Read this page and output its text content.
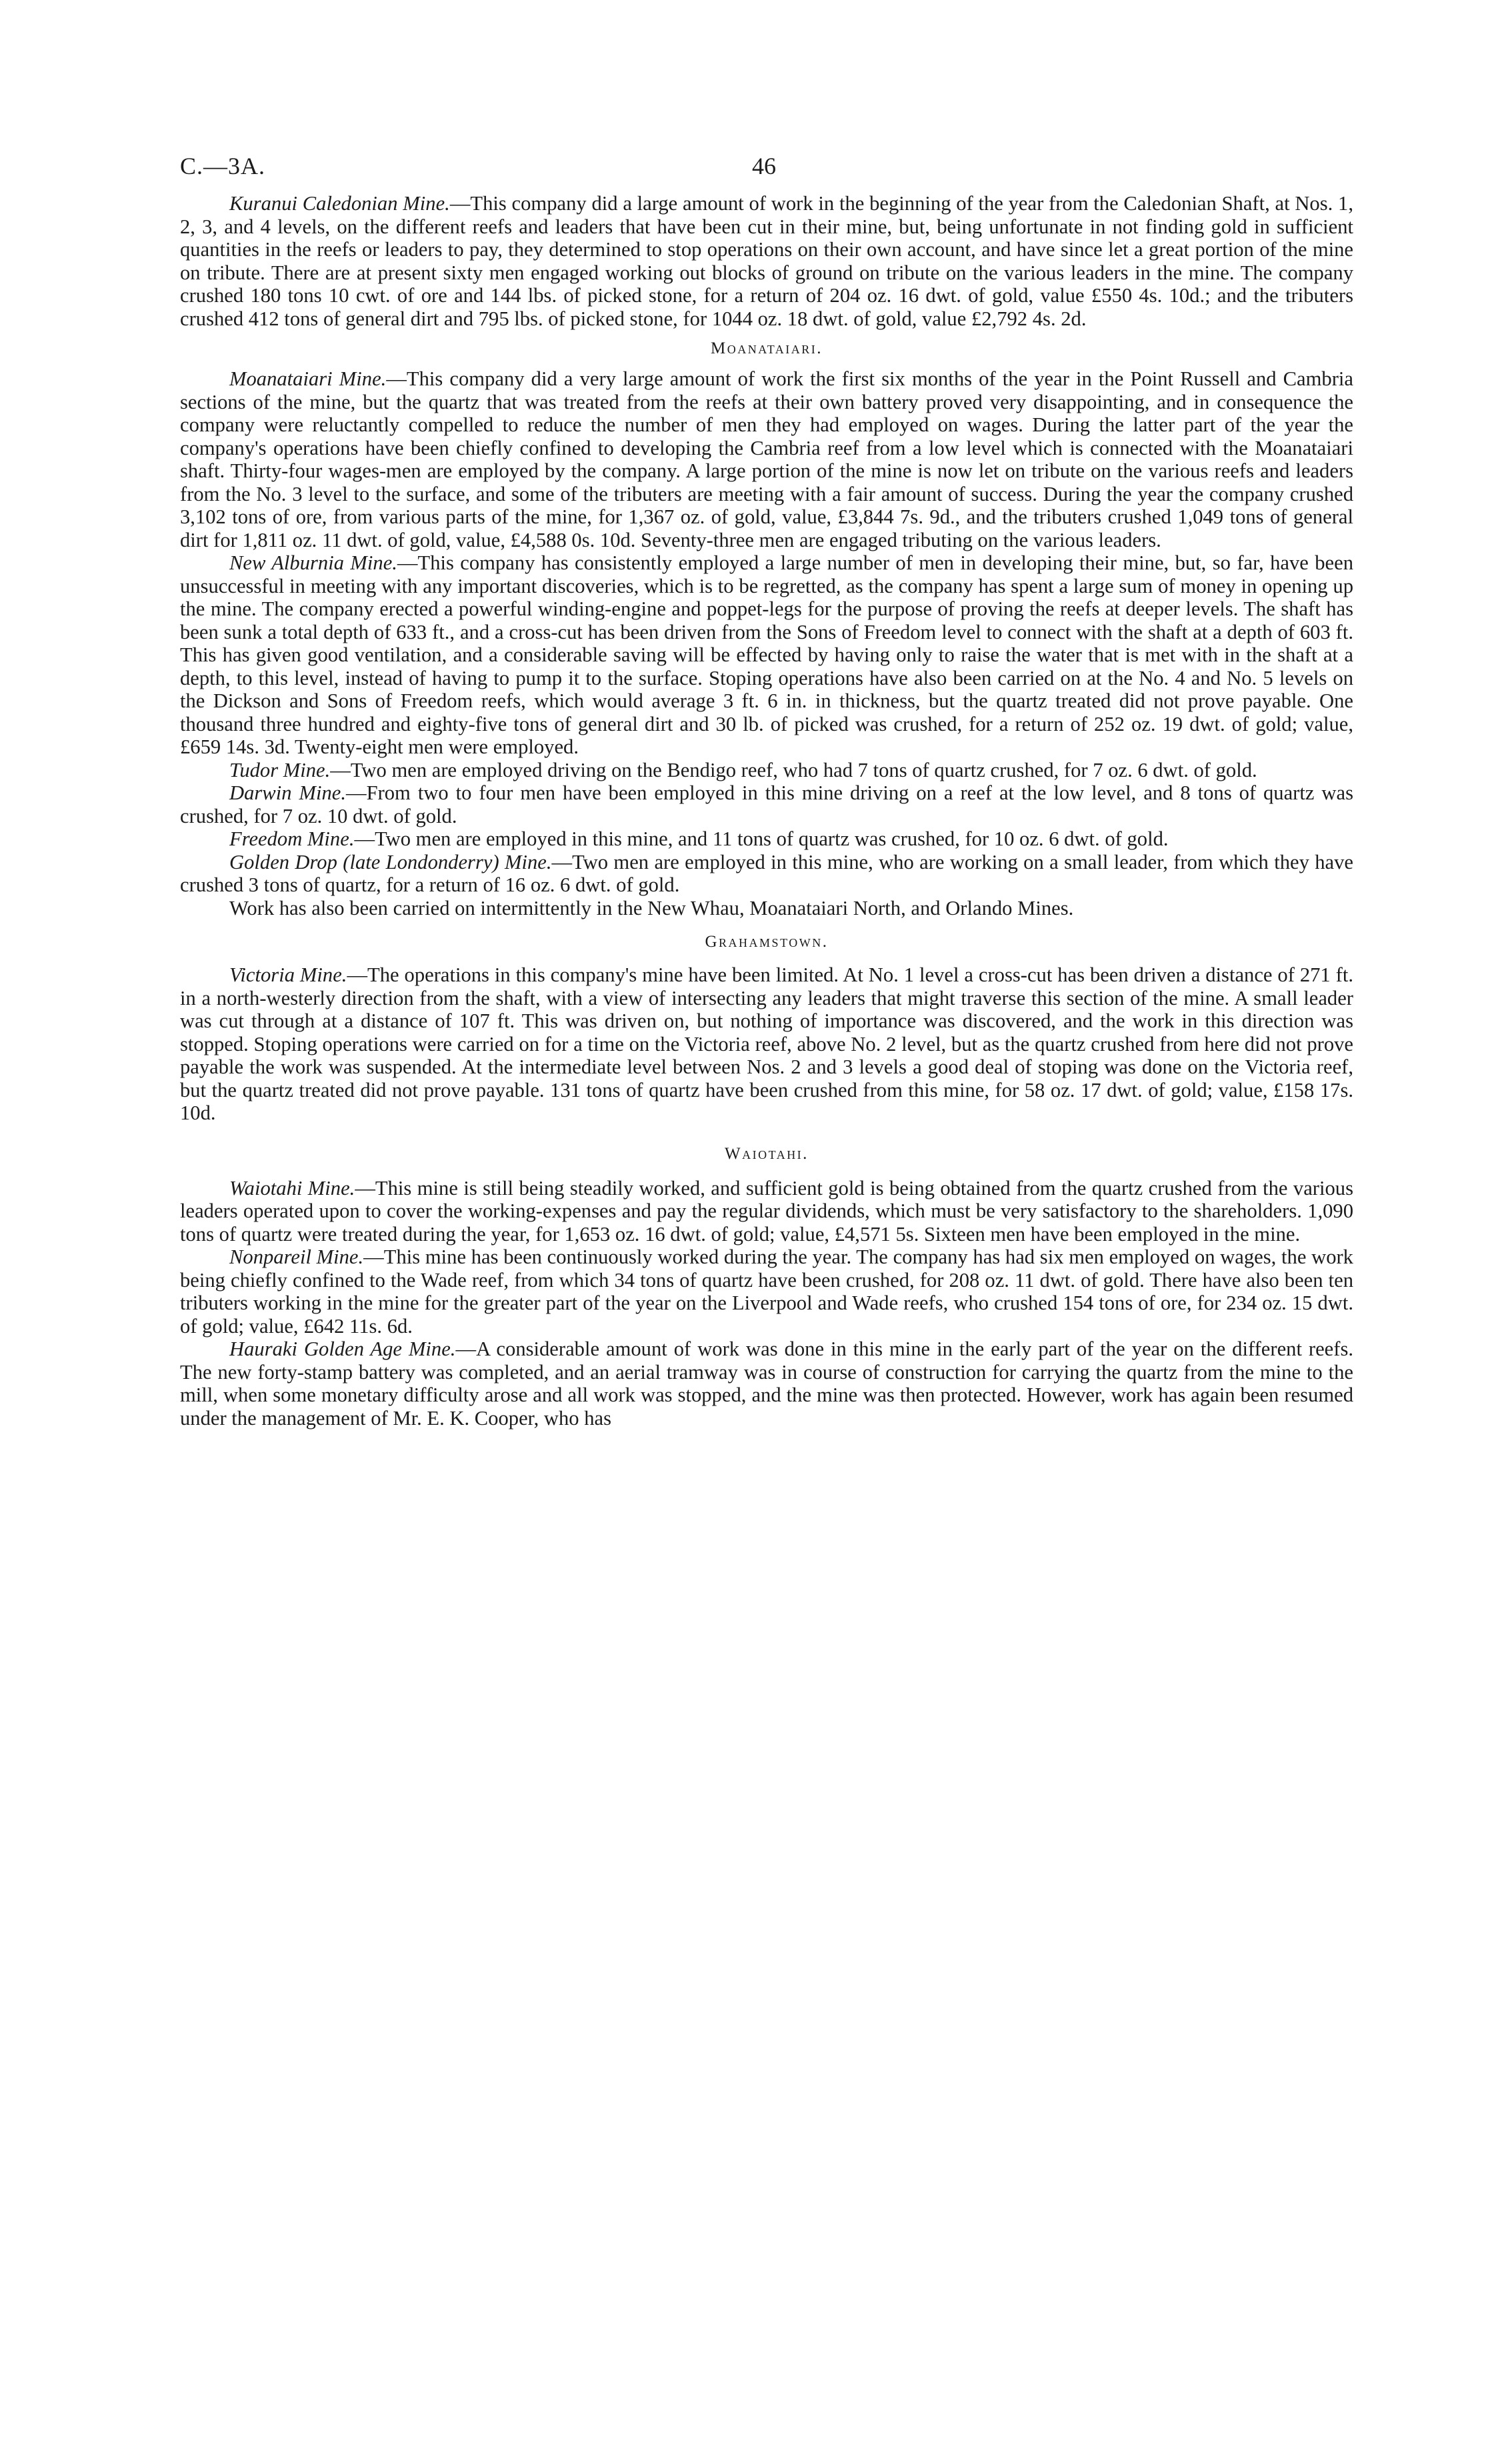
C.—3A.	46

Kuranui Caledonian Mine.—This company did a large amount of work in the beginning of the year from the Caledonian Shaft, at Nos. 1, 2, 3, and 4 levels, on the different reefs and leaders that have been cut in their mine, but, being unfortunate in not finding gold in sufficient quantities in the reefs or leaders to pay, they determined to stop operations on their own account, and have since let a great portion of the mine on tribute. There are at present sixty men engaged working out blocks of ground on tribute on the various leaders in the mine. The company crushed 180 tons 10 cwt. of ore and 144 lbs. of picked stone, for a return of 204 oz. 16 dwt. of gold, value £550 4s. 10d.; and the tributers crushed 412 tons of general dirt and 795 lbs. of picked stone, for 1044 oz. 18 dwt. of gold, value £2,792 4s. 2d.

Moanataiari.

Moanataiari Mine.—This company did a very large amount of work the first six months of the year in the Point Russell and Cambria sections of the mine, but the quartz that was treated from the reefs at their own battery proved very disappointing, and in consequence the company were reluctantly compelled to reduce the number of men they had employed on wages. During the latter part of the year the company's operations have been chiefly confined to developing the Cambria reef from a low level which is connected with the Moanataiari shaft. Thirty-four wages-men are employed by the company. A large portion of the mine is now let on tribute on the various reefs and leaders from the No. 3 level to the surface, and some of the tributers are meeting with a fair amount of success. During the year the company crushed 3,102 tons of ore, from various parts of the mine, for 1,367 oz. of gold, value, £3,844 7s. 9d., and the tributers crushed 1,049 tons of general dirt for 1,811 oz. 11 dwt. of gold, value, £4,588 0s. 10d. Seventy-three men are engaged tributing on the various leaders.

New Alburnia Mine.—This company has consistently employed a large number of men in developing their mine, but, so far, have been unsuccessful in meeting with any important discoveries, which is to be regretted, as the company has spent a large sum of money in opening up the mine. The company erected a powerful winding-engine and poppet-legs for the purpose of proving the reefs at deeper levels. The shaft has been sunk a total depth of 633 ft., and a cross-cut has been driven from the Sons of Freedom level to connect with the shaft at a depth of 603 ft. This has given good ventilation, and a considerable saving will be effected by having only to raise the water that is met with in the shaft at a depth, to this level, instead of having to pump it to the surface. Stoping operations have also been carried on at the No. 4 and No. 5 levels on the Dickson and Sons of Freedom reefs, which would average 3 ft. 6 in. in thickness, but the quartz treated did not prove payable. One thousand three hundred and eighty-five tons of general dirt and 30 lb. of picked was crushed, for a return of 252 oz. 19 dwt. of gold; value, £659 14s. 3d. Twenty-eight men were employed.

Tudor Mine.—Two men are employed driving on the Bendigo reef, who had 7 tons of quartz crushed, for 7 oz. 6 dwt. of gold.

Darwin Mine.—From two to four men have been employed in this mine driving on a reef at the low level, and 8 tons of quartz was crushed, for 7 oz. 10 dwt. of gold.

Freedom Mine.—Two men are employed in this mine, and 11 tons of quartz was crushed, for 10 oz. 6 dwt. of gold.

Golden Drop (late Londonderry) Mine.—Two men are employed in this mine, who are working on a small leader, from which they have crushed 3 tons of quartz, for a return of 16 oz. 6 dwt. of gold.

Work has also been carried on intermittently in the New Whau, Moanataiari North, and Orlando Mines.

Grahamstown.

Victoria Mine.—The operations in this company's mine have been limited. At No. 1 level a cross-cut has been driven a distance of 271 ft. in a north-westerly direction from the shaft, with a view of intersecting any leaders that might traverse this section of the mine. A small leader was cut through at a distance of 107 ft. This was driven on, but nothing of importance was discovered, and the work in this direction was stopped. Stoping operations were carried on for a time on the Victoria reef, above No. 2 level, but as the quartz crushed from here did not prove payable the work was suspended. At the intermediate level between Nos. 2 and 3 levels a good deal of stoping was done on the Victoria reef, but the quartz treated did not prove payable. 131 tons of quartz have been crushed from this mine, for 58 oz. 17 dwt. of gold; value, £158 17s. 10d.

Waiotahi.

Waiotahi Mine.—This mine is still being steadily worked, and sufficient gold is being obtained from the quartz crushed from the various leaders operated upon to cover the working-expenses and pay the regular dividends, which must be very satisfactory to the shareholders. 1,090 tons of quartz were treated during the year, for 1,653 oz. 16 dwt. of gold; value, £4,571 5s. Sixteen men have been employed in the mine.

Nonpareil Mine.—This mine has been continuously worked during the year. The company has had six men employed on wages, the work being chiefly confined to the Wade reef, from which 34 tons of quartz have been crushed, for 208 oz. 11 dwt. of gold. There have also been ten tributers working in the mine for the greater part of the year on the Liverpool and Wade reefs, who crushed 154 tons of ore, for 234 oz. 15 dwt. of gold; value, £642 11s. 6d.

Hauraki Golden Age Mine.—A considerable amount of work was done in this mine in the early part of the year on the different reefs. The new forty-stamp battery was completed, and an aerial tramway was in course of construction for carrying the quartz from the mine to the mill, when some monetary difficulty arose and all work was stopped, and the mine was then protected. However, work has again been resumed under the management of Mr. E. K. Cooper, who has
